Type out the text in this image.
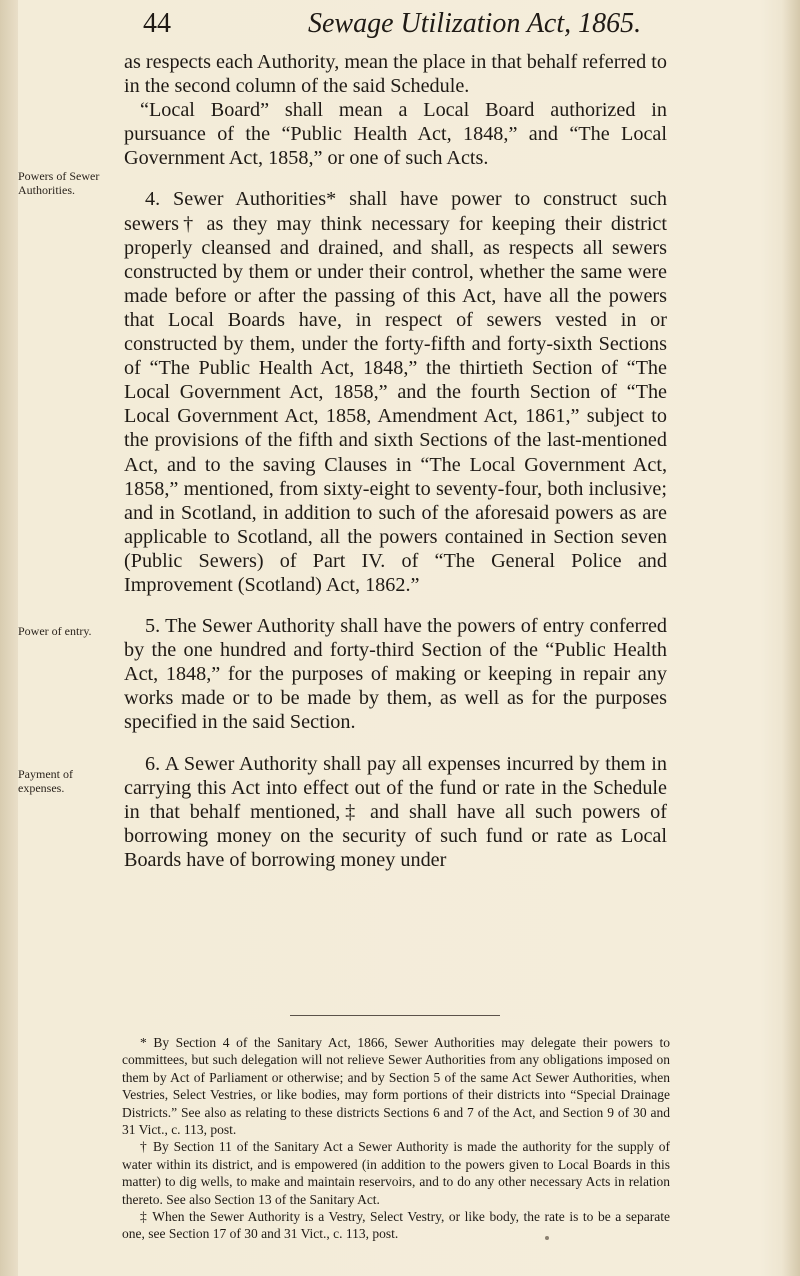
44	Sewage Utilization Act, 1865.
Powers of Sewer Authorities.
Power of entry.
Payment of expenses.

as respects each Authority, mean the place in that behalf referred to in the second column of the said Schedule.

“Local Board” shall mean a Local Board authorized in pursuance of the “Public Health Act, 1848,” and “The Local Government Act, 1858,” or one of such Acts.

4. Sewer Authorities* shall have power to construct such sewers† as they may think necessary for keeping their district properly cleansed and drained, and shall, as respects all sewers constructed by them or under their control, whether the same were made before or after the passing of this Act, have all the powers that Local Boards have, in respect of sewers vested in or constructed by them, under the forty-fifth and forty-sixth Sections of “The Public Health Act, 1848,” the thirtieth Section of “The Local Government Act, 1858,” and the fourth Section of “The Local Government Act, 1858, Amendment Act, 1861,” subject to the provisions of the fifth and sixth Sections of the last-mentioned Act, and to the saving Clauses in “The Local Government Act, 1858,” mentioned, from sixty-eight to seventy-four, both inclusive; and in Scotland, in addition to such of the aforesaid powers as are applicable to Scotland, all the powers contained in Section seven (Public Sewers) of Part IV. of “The General Police and Improvement (Scotland) Act, 1862.”

5. The Sewer Authority shall have the powers of entry conferred by the one hundred and forty-third Section of the “Public Health Act, 1848,” for the purposes of making or keeping in repair any works made or to be made by them, as well as for the purposes specified in the said Section.

6. A Sewer Authority shall pay all expenses incurred by them in carrying this Act into effect out of the fund or rate in the Schedule in that behalf mentioned,‡ and shall have all such powers of borrowing money on the security of such fund or rate as Local Boards have of borrowing money under

* By Section 4 of the Sanitary Act, 1866, Sewer Authorities may delegate their powers to committees, but such delegation will not relieve Sewer Authorities from any obligations imposed on them by Act of Parliament or otherwise; and by Section 5 of the same Act Sewer Authorities, when Vestries, Select Vestries, or like bodies, may form portions of their districts into “Special Drainage Districts.” See also as relating to these districts Sections 6 and 7 of the Act, and Section 9 of 30 and 31 Vict., c. 113, post.

† By Section 11 of the Sanitary Act a Sewer Authority is made the authority for the supply of water within its district, and is empowered (in addition to the powers given to Local Boards in this matter) to dig wells, to make and maintain reservoirs, and to do any other necessary Acts in relation thereto. See also Section 13 of the Sanitary Act.

‡ When the Sewer Authority is a Vestry, Select Vestry, or like body, the rate is to be a separate one, see Section 17 of 30 and 31 Vict., c. 113, post.
